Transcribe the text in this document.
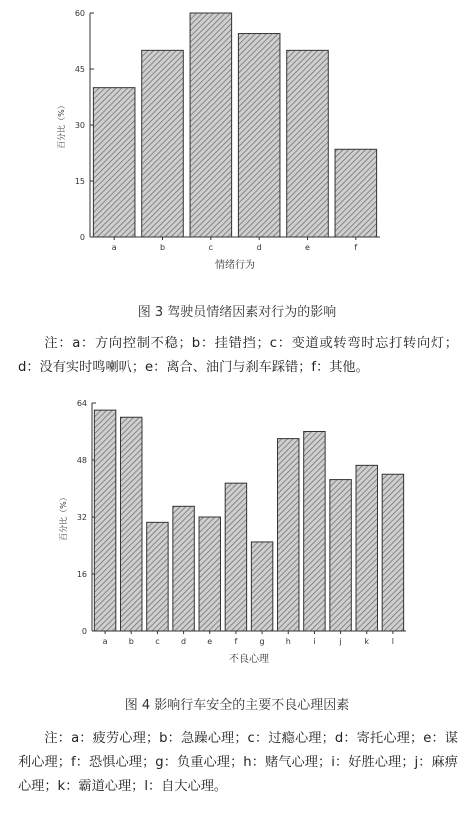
0
15
30
45
60
a	b	c	d	e	f
情绪行为
百分比（%）
图 3 驾驶员情绪因素对行为的影响
注：a：方向控制不稳；b：挂错挡；c：变道或转弯时忘打转向灯；d：没有实时鸣喇叭；e：离合、油门与刹车踩错；f：其他。
0
16
32
48
64
a	b	c	d	e	f	g	h	i	j	k	l
不良心理
百分比（%）
图 4 影响行车安全的主要不良心理因素
注：a：疲劳心理；b：急躁心理；c：过瘾心理；d：寄托心理；e：谋利心理；f：恐惧心理；g：负重心理；h：赌气心理；i：好胜心理；j：麻痹心理；k：霸道心理；l：自大心理。
